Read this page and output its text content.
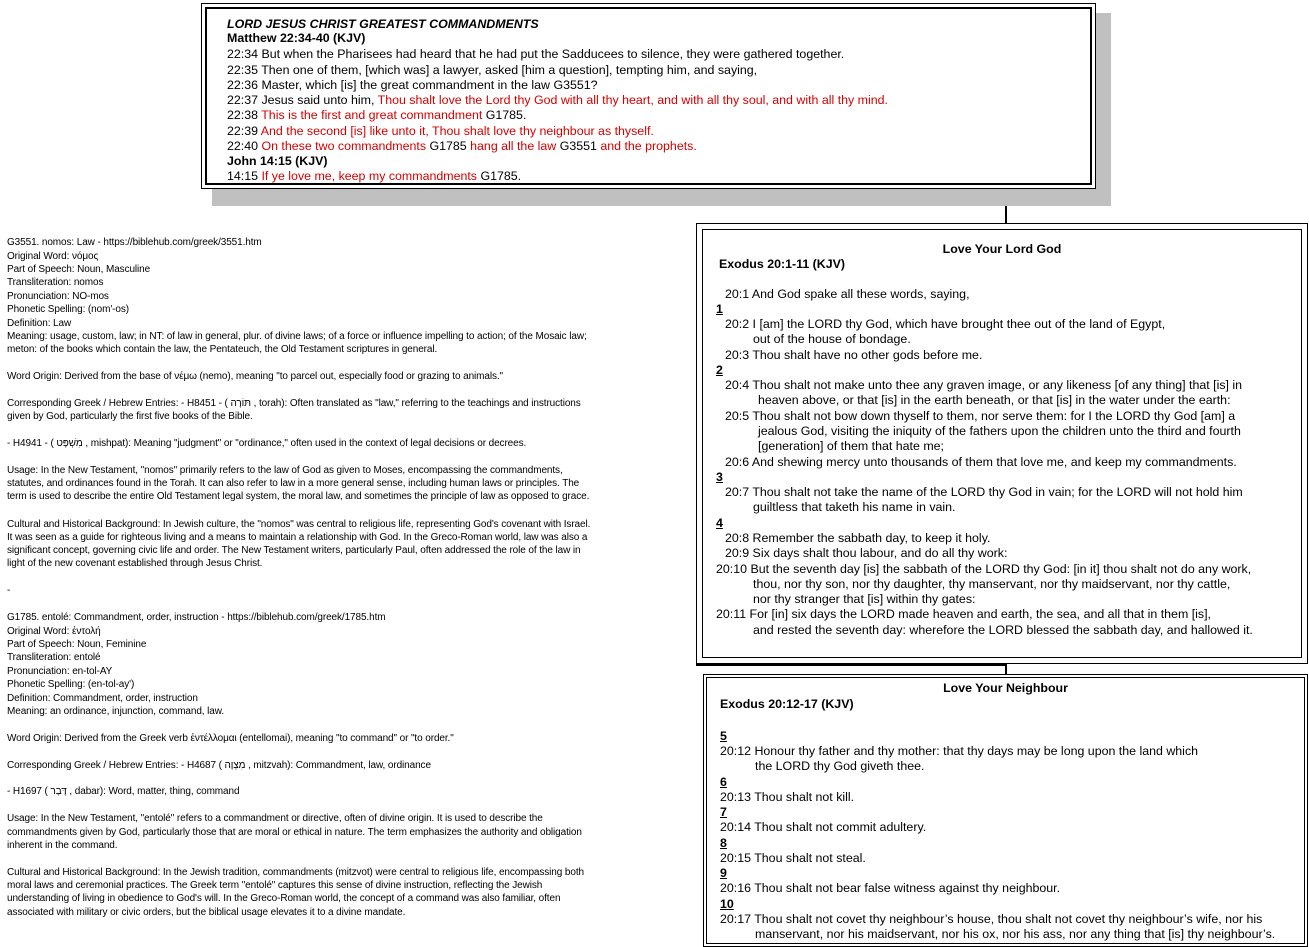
LORD JESUS CHRIST GREATEST COMMANDMENTS
Matthew 22:34-40 (KJV)
22:34 But when the Pharisees had heard that he had put the Sadducees to silence, they were gathered together.
22:35 Then one of them, [which was] a lawyer, asked [him a question], tempting him, and saying,
22:36 Master, which [is] the great commandment in the law G3551?
22:37 Jesus said unto him, Thou shalt love the Lord thy God with all thy heart, and with all thy soul, and with all thy mind.
22:38 This is the first and great commandment G1785.
22:39 And the second [is] like unto it, Thou shalt love thy neighbour as thyself.
22:40 On these two commandments G1785 hang all the law G3551 and the prophets.
John 14:15 (KJV)
14:15 If ye love me, keep my commandments G1785.
Love Your Lord God
Exodus 20:1-11 (KJV)
20:1 And God spake all these words, saying,
1
20:2 I [am] the LORD thy God, which have brought thee out of the land of Egypt,
out of the house of bondage.
20:3 Thou shalt have no other gods before me.
2
20:4 Thou shalt not make unto thee any graven image, or any likeness [of any thing] that [is] in
heaven above, or that [is] in the earth beneath, or that [is] in the water under the earth:
20:5 Thou shalt not bow down thyself to them, nor serve them: for I the LORD thy God [am] a
jealous God, visiting the iniquity of the fathers upon the children unto the third and fourth
[generation] of them that hate me;
20:6 And shewing mercy unto thousands of them that love me, and keep my commandments.
3
20:7 Thou shalt not take the name of the LORD thy God in vain; for the LORD will not hold him
guiltless that taketh his name in vain.
4
20:8 Remember the sabbath day, to keep it holy.
20:9 Six days shalt thou labour, and do all thy work:
20:10 But the seventh day [is] the sabbath of the LORD thy God: [in it] thou shalt not do any work,
thou, nor thy son, nor thy daughter, thy manservant, nor thy maidservant, nor thy cattle,
nor thy stranger that [is] within thy gates:
20:11 For [in] six days the LORD made heaven and earth, the sea, and all that in them [is],
and rested the seventh day: wherefore the LORD blessed the sabbath day, and hallowed it.
Love Your Neighbour
Exodus 20:12-17 (KJV)
5
20:12 Honour thy father and thy mother: that thy days may be long upon the land which
the LORD thy God giveth thee.
6
20:13 Thou shalt not kill.
7
20:14 Thou shalt not commit adultery.
8
20:15 Thou shalt not steal.
9
20:16 Thou shalt not bear false witness against thy neighbour.
10
20:17 Thou shalt not covet thy neighbour’s house, thou shalt not covet thy neighbour’s wife, nor his
manservant, nor his maidservant, nor his ox, nor his ass, nor any thing that [is] thy neighbour’s.
G3551. nomos: Law - https://biblehub.com/greek/3551.htm
Original Word: νόμος
Part of Speech: Noun, Masculine
Transliteration: nomos
Pronunciation: NO-mos
Phonetic Spelling: (nom'-os)
Definition: Law
Meaning: usage, custom, law; in NT: of law in general, plur. of divine laws; of a force or influence impelling to action; of the Mosaic law;
meton: of the books which contain the law, the Pentateuch, the Old Testament scriptures in general.
Word Origin: Derived from the base of νέμω (nemo), meaning "to parcel out, especially food or grazing to animals."
Corresponding Greek / Hebrew Entries: - H8451 - ( תּוֹרָה , torah): Often translated as "law," referring to the teachings and instructions
given by God, particularly the first five books of the Bible.
- H4941 - ( מִשְׁפָּט , mishpat): Meaning "judgment" or "ordinance," often used in the context of legal decisions or decrees.
Usage: In the New Testament, "nomos" primarily refers to the law of God as given to Moses, encompassing the commandments,
statutes, and ordinances found in the Torah. It can also refer to law in a more general sense, including human laws or principles. The
term is used to describe the entire Old Testament legal system, the moral law, and sometimes the principle of law as opposed to grace.
Cultural and Historical Background: In Jewish culture, the "nomos" was central to religious life, representing God's covenant with Israel.
It was seen as a guide for righteous living and a means to maintain a relationship with God. In the Greco-Roman world, law was also a
significant concept, governing civic life and order. The New Testament writers, particularly Paul, often addressed the role of the law in
light of the new covenant established through Jesus Christ.
-
G1785. entolé: Commandment, order, instruction - https://biblehub.com/greek/1785.htm
Original Word: ἐντολή
Part of Speech: Noun, Feminine
Transliteration: entolé
Pronunciation: en-tol-AY
Phonetic Spelling: (en-tol-ay')
Definition: Commandment, order, instruction
Meaning: an ordinance, injunction, command, law.
Word Origin: Derived from the Greek verb ἐντέλλομαι (entellomai), meaning "to command" or "to order."
Corresponding Greek / Hebrew Entries: - H4687 ( מִצְוָה , mitzvah): Commandment, law, ordinance
- H1697 ( דָּבָר , dabar): Word, matter, thing, command
Usage: In the New Testament, "entolé" refers to a commandment or directive, often of divine origin. It is used to describe the
commandments given by God, particularly those that are moral or ethical in nature. The term emphasizes the authority and obligation
inherent in the command.
Cultural and Historical Background: In the Jewish tradition, commandments (mitzvot) were central to religious life, encompassing both
moral laws and ceremonial practices. The Greek term "entolé" captures this sense of divine instruction, reflecting the Jewish
understanding of living in obedience to God's will. In the Greco-Roman world, the concept of a command was also familiar, often
associated with military or civic orders, but the biblical usage elevates it to a divine mandate.
